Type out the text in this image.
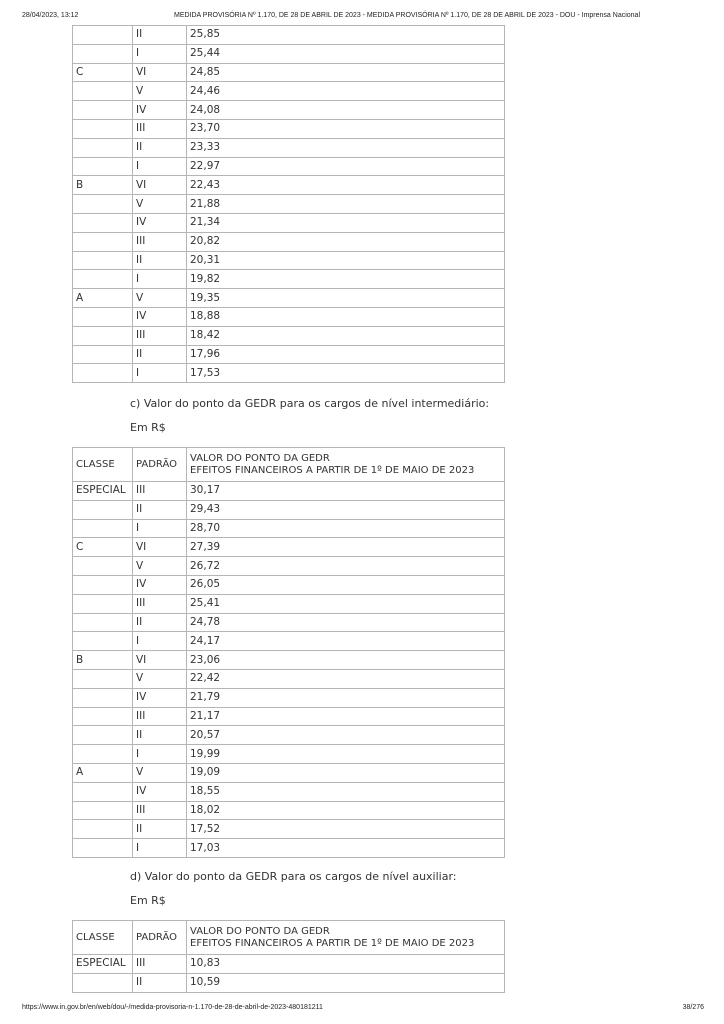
28/04/2023, 13:12	MEDIDA PROVISÓRIA Nº 1.170, DE 28 DE ABRIL DE 2023 - MEDIDA PROVISÓRIA Nº 1.170, DE 28 DE ABRIL DE 2023 - DOU - Imprensa Nacional
	II	25,85
	I	25,44
C	VI	24,85
	V	24,46
	IV	24,08
	III	23,70
	II	23,33
	I	22,97
B	VI	22,43
	V	21,88
	IV	21,34
	III	20,82
	II	20,31
	I	19,82
A	V	19,35
	IV	18,88
	III	18,42
	II	17,96
	I	17,53
c) Valor do ponto da GEDR para os cargos de nível intermediário:
Em R$
CLASSE	PADRÃO	VALOR DO PONTO DA GEDR
EFEITOS FINANCEIROS A PARTIR DE 1º DE MAIO DE 2023
ESPECIAL	III	30,17
	II	29,43
	I	28,70
C	VI	27,39
	V	26,72
	IV	26,05
	III	25,41
	II	24,78
	I	24,17
B	VI	23,06
	V	22,42
	IV	21,79
	III	21,17
	II	20,57
	I	19,99
A	V	19,09
	IV	18,55
	III	18,02
	II	17,52
	I	17,03
d) Valor do ponto da GEDR para os cargos de nível auxiliar:
Em R$
CLASSE	PADRÃO	VALOR DO PONTO DA GEDR
EFEITOS FINANCEIROS A PARTIR DE 1º DE MAIO DE 2023
ESPECIAL	III	10,83
	II	10,59
https://www.in.gov.br/en/web/dou/-/medida-provisoria-n-1.170-de-28-de-abril-de-2023-480181211	38/276
